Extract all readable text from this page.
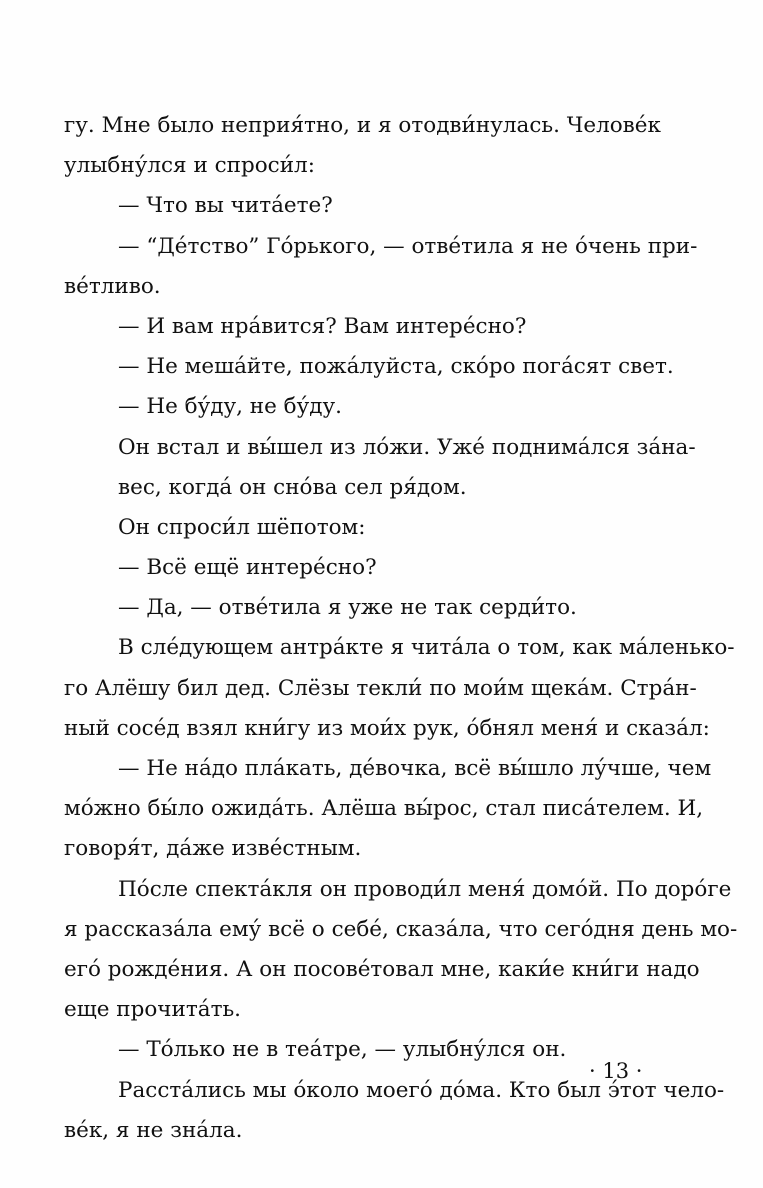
гу. Мне было неприя́тно, и я отодви́нулась. Челове́к
улыбну́лся и спроси́л:
— Что вы чита́ете?
— “Де́тство” Го́рького, — отве́тила я не о́чень при-
ве́тливо.
— И вам нра́вится? Вам интере́сно?
— Не меша́йте, пожа́луйста, ско́ро пога́сят свет.
— Не бу́ду, не бу́ду.
Он встал и вы́шел из ло́жи. Уже́ поднима́лся за́на-
вес, когда́ он сно́ва сел ря́дом.
Он спроси́л шёпотом:
— Всё ещё интере́сно?
— Да, — отве́тила я уже не так серди́то.
В сле́дующем антра́кте я чита́ла о том, как ма́ленько-
го Алёшу бил дед. Слёзы текли́ по мои́м щека́м. Стра́н-
ный сосе́д взял кни́гу из мои́х рук, о́бнял меня́ и сказа́л:
— Не на́до пла́кать, де́вочка, всё вы́шло лу́чше, чем
мо́жно бы́ло ожида́ть. Алёша вы́рос, стал писа́телем. И,
говоря́т, да́же изве́стным.
По́сле спекта́кля он проводи́л меня́ домо́й. По доро́ге
я рассказа́ла ему́ всё о себе́, сказа́ла, что сего́дня день мо-
его́ рожде́ния. А он посове́товал мне, каки́е кни́ги надо
еще прочита́ть.
— То́лько не в теа́тре, — улыбну́лся он.
Расста́лись мы о́коло моего́ до́ма. Кто был э́тот чело-
ве́к, я не зна́ла.
· 13 ·
